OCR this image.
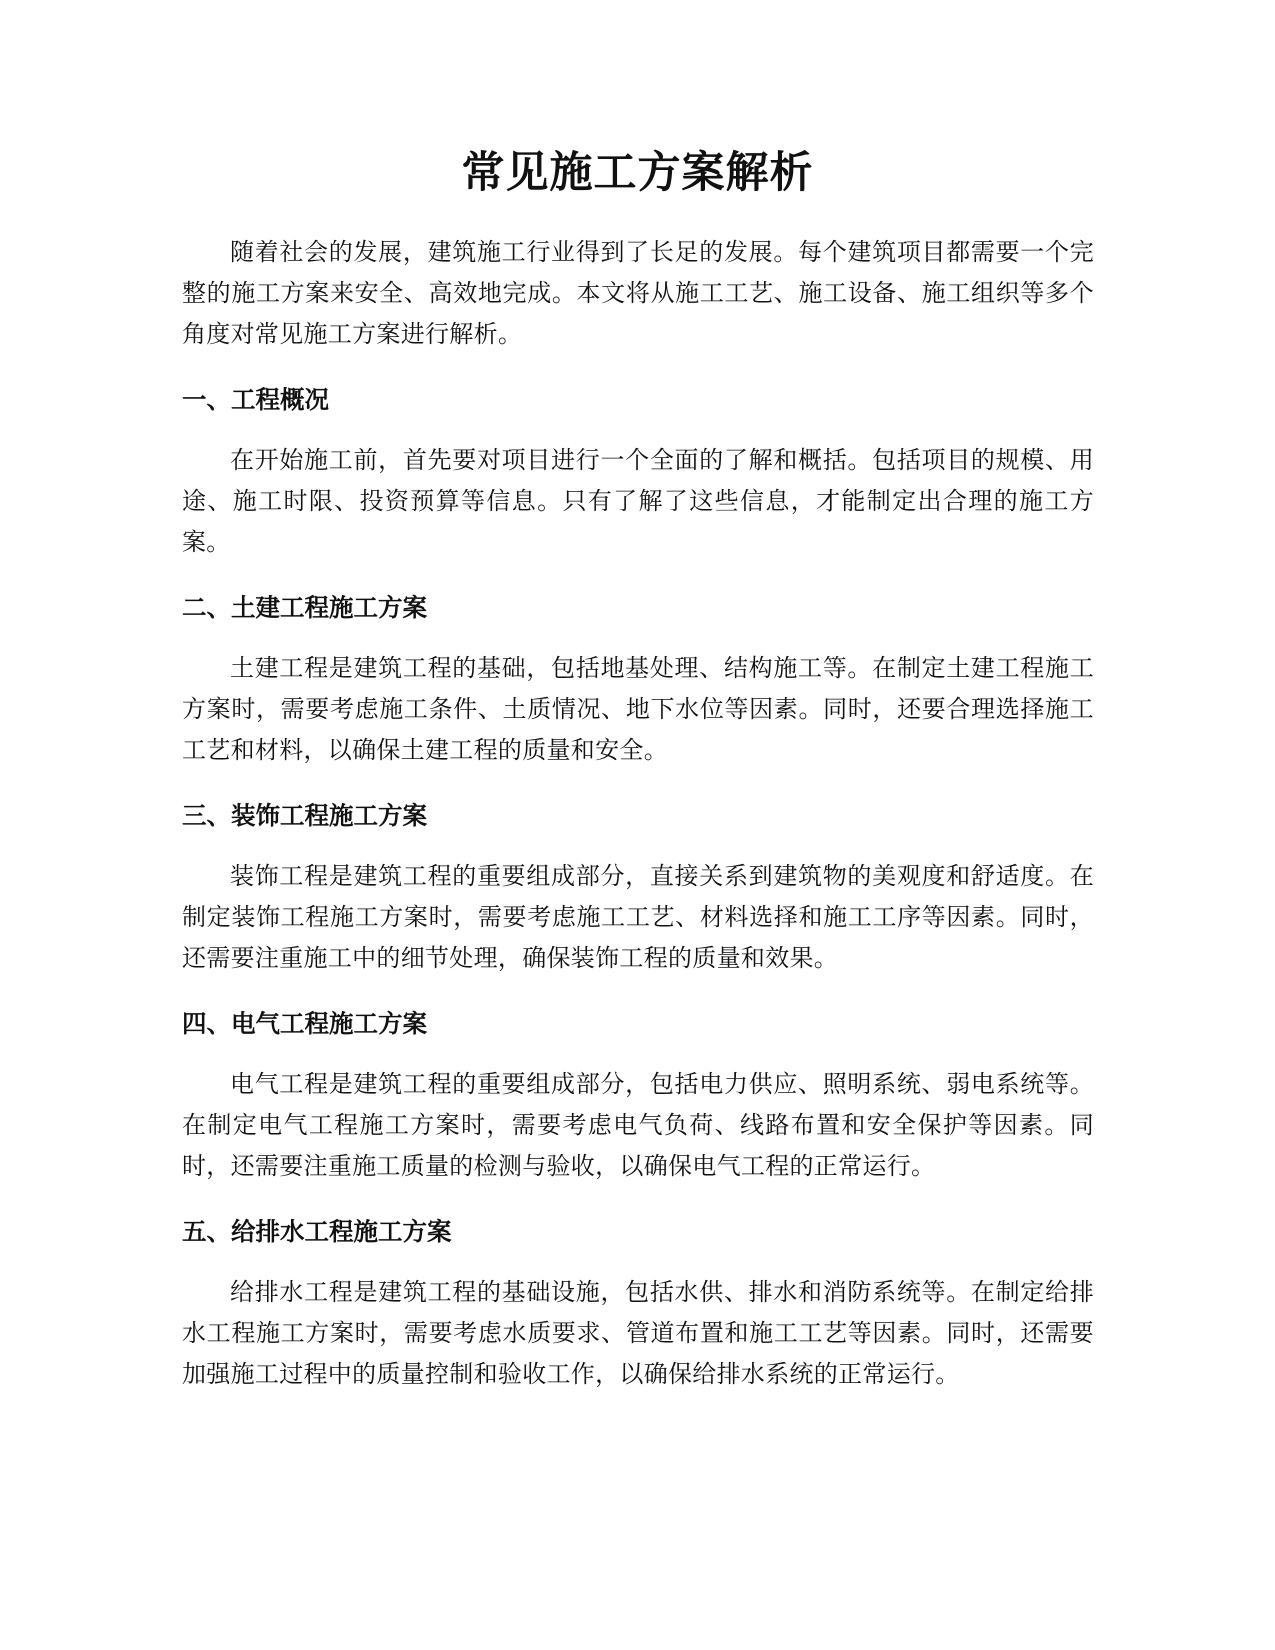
常见施工方案解析

随着社会的发展，建筑施工行业得到了长足的发展。每个建筑项目都需要一个完整的施工方案来安全、高效地完成。本文将从施工工艺、施工设备、施工组织等多个角度对常见施工方案进行解析。

一、工程概况

在开始施工前，首先要对项目进行一个全面的了解和概括。包括项目的规模、用途、施工时限、投资预算等信息。只有了解了这些信息，才能制定出合理的施工方案。

二、土建工程施工方案

土建工程是建筑工程的基础，包括地基处理、结构施工等。在制定土建工程施工方案时，需要考虑施工条件、土质情况、地下水位等因素。同时，还要合理选择施工工艺和材料，以确保土建工程的质量和安全。

三、装饰工程施工方案

装饰工程是建筑工程的重要组成部分，直接关系到建筑物的美观度和舒适度。在制定装饰工程施工方案时，需要考虑施工工艺、材料选择和施工工序等因素。同时，还需要注重施工中的细节处理，确保装饰工程的质量和效果。

四、电气工程施工方案

电气工程是建筑工程的重要组成部分，包括电力供应、照明系统、弱电系统等。在制定电气工程施工方案时，需要考虑电气负荷、线路布置和安全保护等因素。同时，还需要注重施工质量的检测与验收，以确保电气工程的正常运行。

五、给排水工程施工方案

给排水工程是建筑工程的基础设施，包括水供、排水和消防系统等。在制定给排水工程施工方案时，需要考虑水质要求、管道布置和施工工艺等因素。同时，还需要加强施工过程中的质量控制和验收工作，以确保给排水系统的正常运行。
